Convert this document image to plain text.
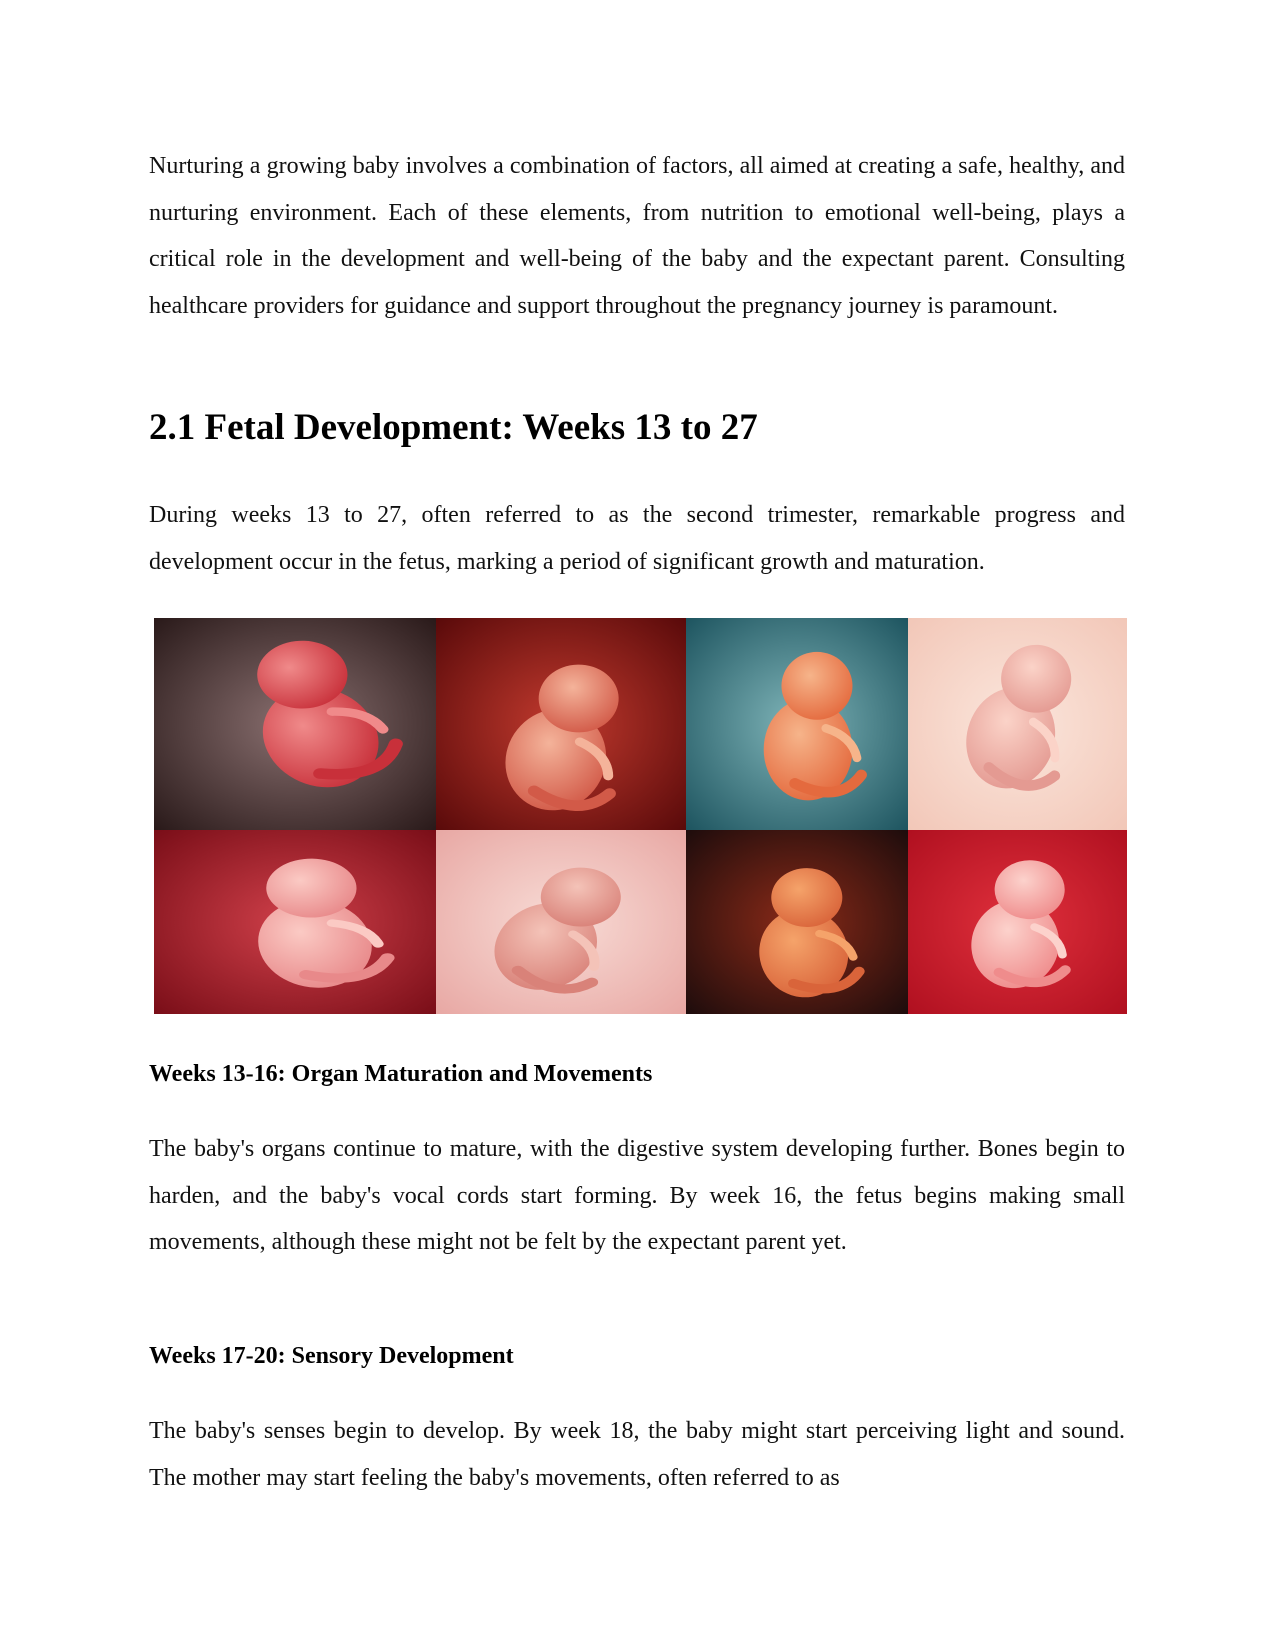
Nurturing a growing baby involves a combination of factors, all aimed at creating a safe, healthy, and nurturing environment. Each of these elements, from nutrition to emotional well-being, plays a critical role in the development and well-being of the baby and the expectant parent. Consulting healthcare providers for guidance and support throughout the pregnancy journey is paramount.

2.1 Fetal Development: Weeks 13 to 27

During weeks 13 to 27, often referred to as the second trimester, remarkable progress and development occur in the fetus, marking a period of significant growth and maturation.

Weeks 13-16: Organ Maturation and Movements

The baby's organs continue to mature, with the digestive system developing further. Bones begin to harden, and the baby's vocal cords start forming. By week 16, the fetus begins making small movements, although these might not be felt by the expectant parent yet.

Weeks 17-20: Sensory Development

The baby's senses begin to develop. By week 18, the baby might start perceiving light and sound. The mother may start feeling the baby's movements, often referred to as
